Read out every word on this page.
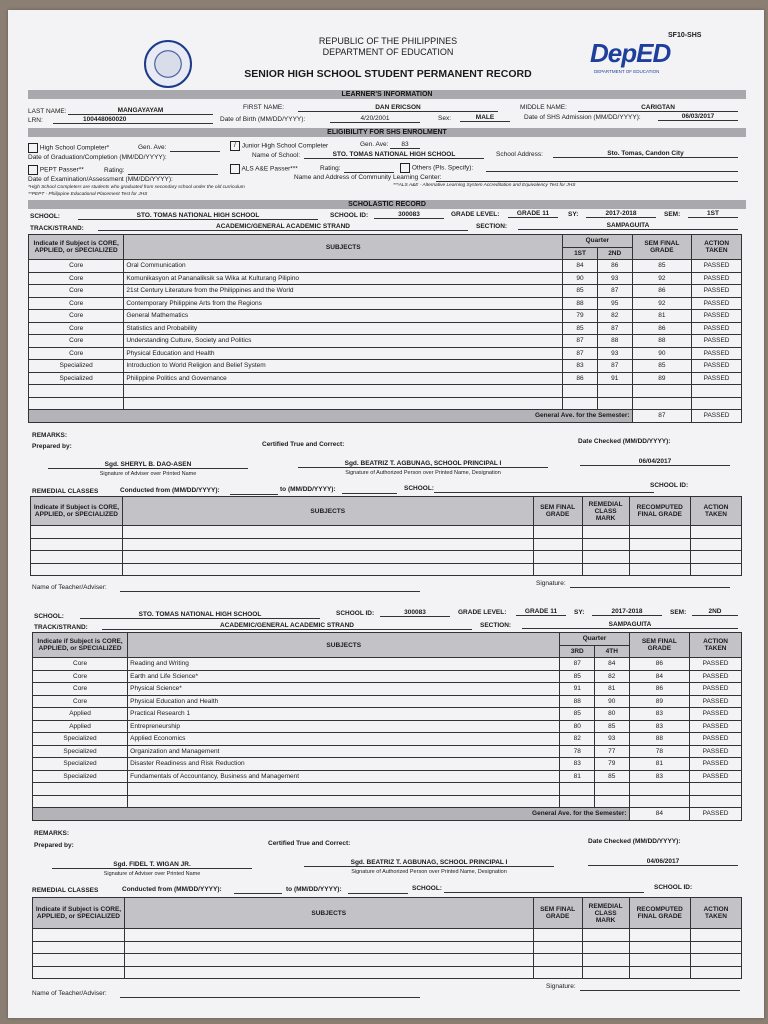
SF10-SHS
REPUBLIC OF THE PHILIPPINES
DEPARTMENT OF EDUCATION
SENIOR HIGH SCHOOL STUDENT PERMANENT RECORD
DepED
DEPARTMENT OF EDUCATION
LEARNER'S INFORMATION
LAST NAME:	MANGAYAYAM	FIRST NAME:	DAN ERICSON	MIDDLE NAME:	CARIGTAN
LRN:	100448060020	Date of Birth (MM/DD/YYYY):	4/20/2001	Sex:	MALE	Date of SHS Admission (MM/DD/YYYY):	06/03/2017
ELIGIBILITY FOR SHS ENROLMENT
High School Completer*	Gen. Ave:	/ Junior High School Completer	Gen. Ave:	83
Date of Graduation/Completion (MM/DD/YYYY):	Name of School:	STO. TOMAS NATIONAL HIGH SCHOOL	School Address:	Sto. Tomas, Candon City
PEPT Passer**	Rating:	ALS A&E Passer***	Rating:	Others (Pls. Specify):
Date of Examination/Assessment (MM/DD/YYYY):	Name and Address of Community Learning Center:
*High School Completers are students who graduated from secondary school under the old curriculum
**PEPT - Philippine Educational Placement Test for JHS
***ALS A&E - Alternative Learning System Accreditation and Equivalency Test for JHS
SCHOLASTIC RECORD
SCHOOL:	STO. TOMAS NATIONAL HIGH SCHOOL	SCHOOL ID:	300083	GRADE LEVEL:	GRADE 11	SY:	2017-2018	SEM:	1ST
TRACK/STRAND:	ACADEMIC/GENERAL ACADEMIC STRAND	SECTION:	SAMPAGUITA
Indicate if Subject is CORE, APPLIED, or SPECIALIZED	SUBJECTS	Quarter		SEM FINAL GRADE	ACTION TAKEN
		1ST	2ND		
Core	Oral Communication	84	86	85	PASSED
Core	Komunikasyon at Pananaliksik sa Wika at Kulturang Pilipino	90	93	92	PASSED
Core	21st Century Literature from the Philippines and the World	85	87	86	PASSED
Core	Contemporary Philippine Arts from the Regions	88	95	92	PASSED
Core	General Mathematics	79	82	81	PASSED
Core	Statistics and Probability	85	87	86	PASSED
Core	Understanding Culture, Society and Politics	87	88	88	PASSED
Core	Physical Education and Health	87	93	90	PASSED
Specialized	Introduction to World Religion and Belief System	83	87	85	PASSED
Specialized	Philippine Politics and Governance	86	91	89	PASSED

General Ave. for the Semester:				87	PASSED
REMARKS:
Prepared by:	Certified True and Correct:	Date Checked (MM/DD/YYYY):
Sgd. SHERYL B. DAO-ASEN
Signature of Adviser over Printed Name
Sgd. BEATRIZ T. AGBUNAG, SCHOOL PRINCIPAL I
Signature of Authorized Person over Printed Name, Designation
06/04/2017
REMEDIAL CLASSES	Conducted from (MM/DD/YYYY):	to (MM/DD/YYYY):	SCHOOL:	SCHOOL ID:
Indicate if Subject is CORE, APPLIED, or SPECIALIZED	SUBJECTS	SEM FINAL GRADE	REMEDIAL CLASS MARK	RECOMPUTED FINAL GRADE	ACTION TAKEN

Name of Teacher/Adviser:
Signature:
SCHOOL:	STO. TOMAS NATIONAL HIGH SCHOOL	SCHOOL ID:	300083	GRADE LEVEL:	GRADE 11	SY:	2017-2018	SEM:	2ND
TRACK/STRAND:	ACADEMIC/GENERAL ACADEMIC STRAND	SECTION:	SAMPAGUITA
Indicate if Subject is CORE, APPLIED, or SPECIALIZED	SUBJECTS	Quarter		SEM FINAL GRADE	ACTION TAKEN
		3RD	4TH		
Core	Reading and Writing	87	84	86	PASSED
Core	Earth and Life Science*	85	82	84	PASSED
Core	Physical Science*	91	81	86	PASSED
Core	Physical Education and Health	88	90	89	PASSED
Applied	Practical Research 1	85	80	83	PASSED
Applied	Entrepreneurship	80	85	83	PASSED
Specialized	Applied Economics	82	93	88	PASSED
Specialized	Organization and Management	78	77	78	PASSED
Specialized	Disaster Readiness and Risk Reduction	83	79	81	PASSED
Specialized	Fundamentals of Accountancy, Business and Management	81	85	83	PASSED

General Ave. for the Semester:				84	PASSED
REMARKS:
Prepared by:	Certified True and Correct:	Date Checked (MM/DD/YYYY):
Sgd. FIDEL T. WIGAN JR.
Signature of Adviser over Printed Name
Sgd. BEATRIZ T. AGBUNAG, SCHOOL PRINCIPAL I
Signature of Authorized Person over Printed Name, Designation
04/06/2017
REMEDIAL CLASSES	Conducted from (MM/DD/YYYY):	to (MM/DD/YYYY):	SCHOOL:	SCHOOL ID:
Indicate if Subject is CORE, APPLIED, or SPECIALIZED	SUBJECTS	SEM FINAL GRADE	REMEDIAL CLASS MARK	RECOMPUTED FINAL GRADE	ACTION TAKEN

Name of Teacher/Adviser:
Signature:
